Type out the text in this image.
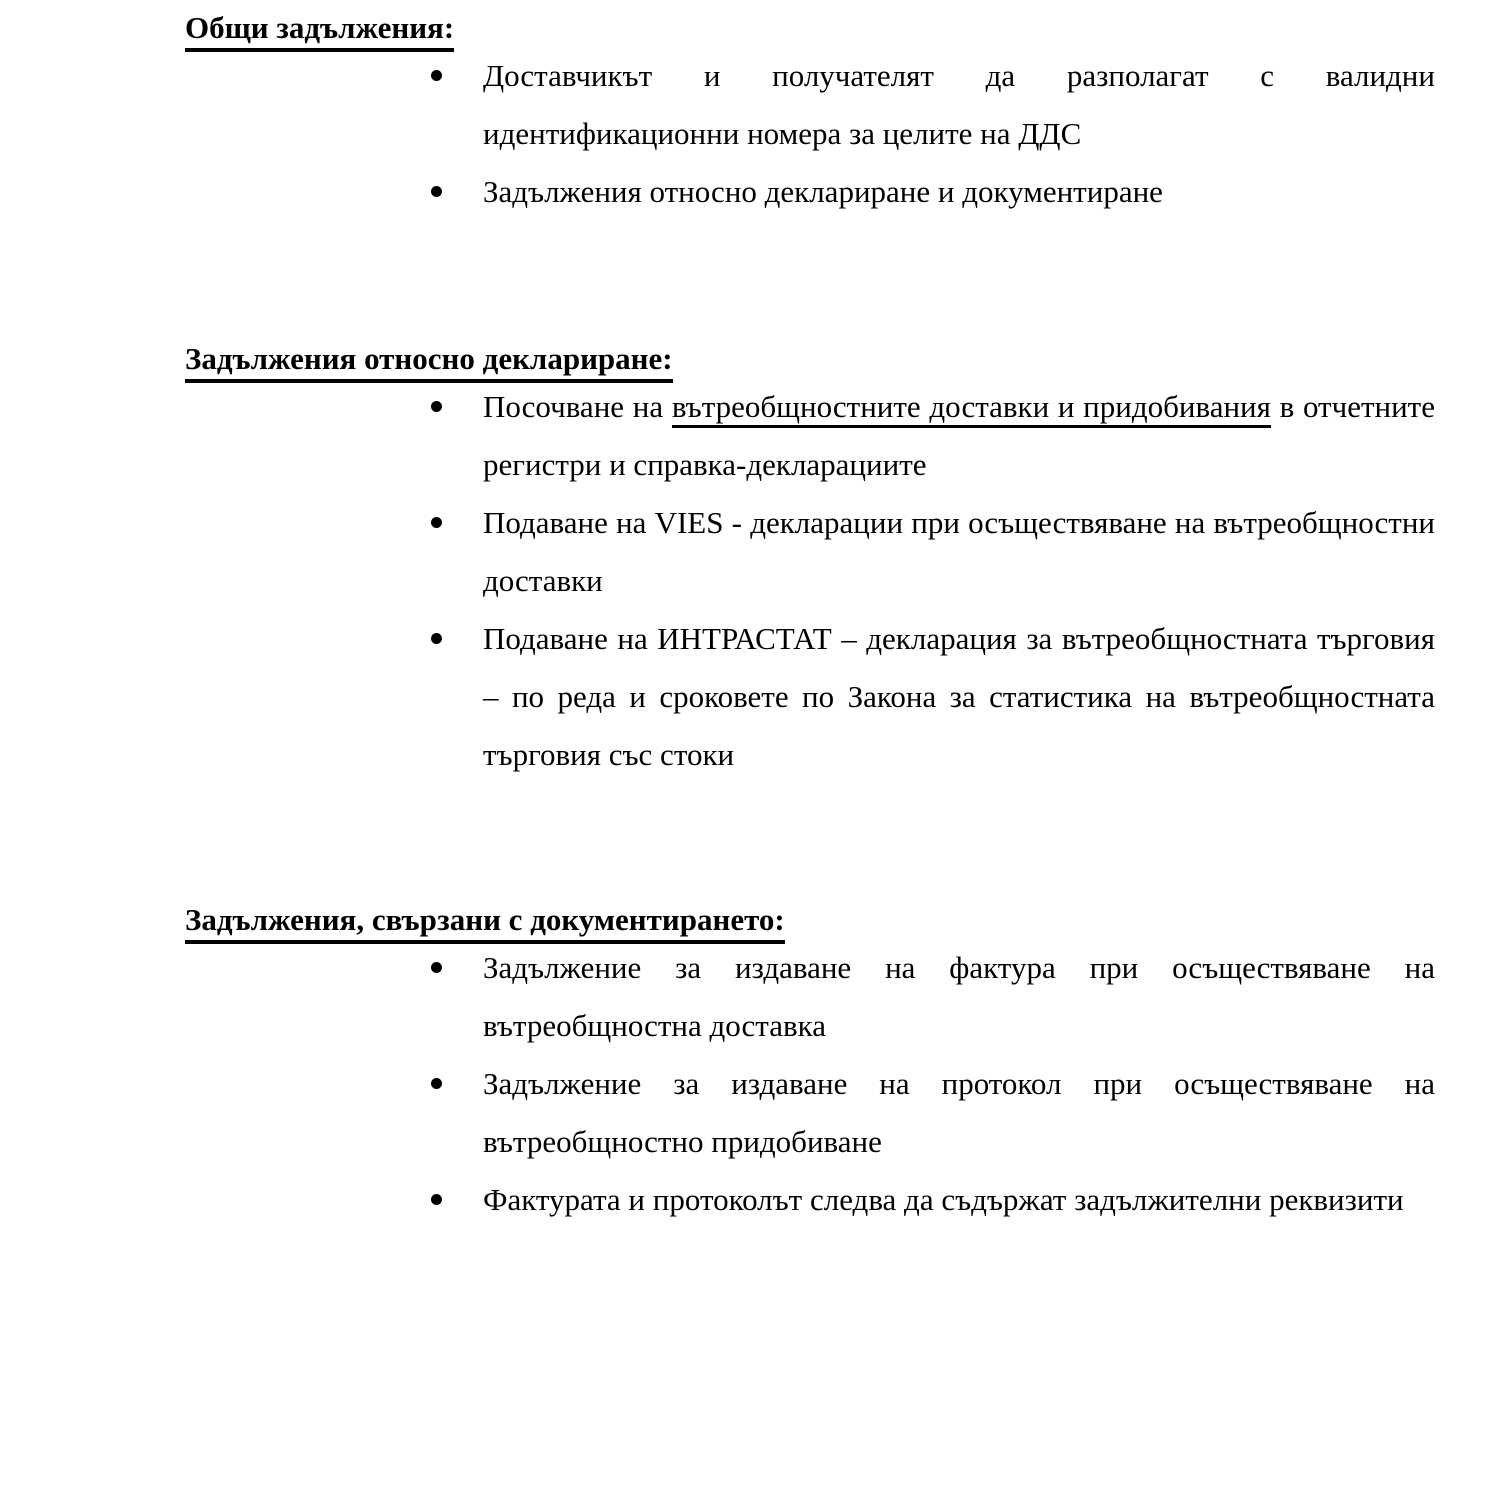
Общи задължения:
Доставчикът и получателят да разполагат с валидни идентификационни номера за целите на ДДС
Задължения относно деклариране и документиране
Задължения относно деклариране:
Посочване на вътреобщностните доставки и придобивания в отчетните регистри и справка-декларациите
Подаване на VIES - декларации при осъществяване на вътреобщностни доставки
Подаване на ИНТРАСТАТ – декларация за вътреобщностната търговия – по реда и сроковете по Закона за статистика на вътреобщностната търговия със стоки
Задължения, свързани с документирането:
Задължение за издаване на фактура при осъществяване на вътреобщностна доставка
Задължение за издаване на протокол при осъществяване на вътреобщностно придобиване
Фактурата и протоколът следва да съдържат задължителни реквизити
